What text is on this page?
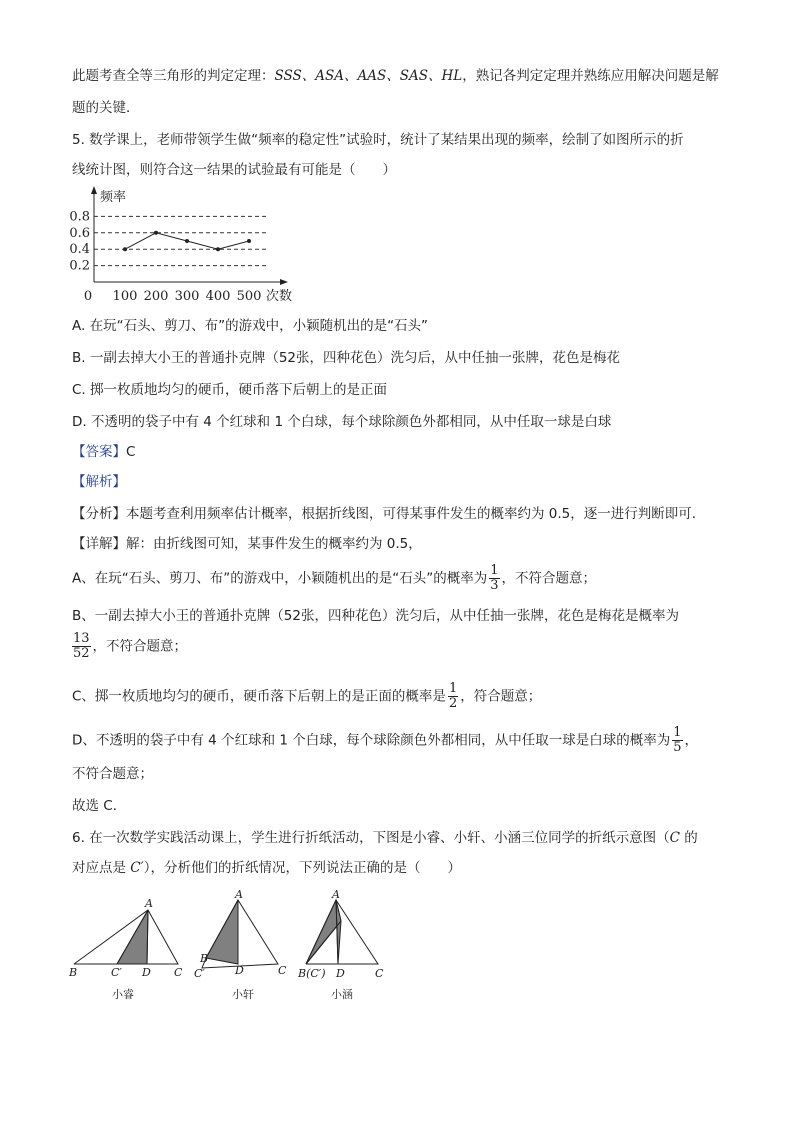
此题考查全等三角形的判定定理：SSS、ASA、AAS、SAS、HL，熟记各判定定理并熟练应用解决问题是解
题的关键．
5. 数学课上，老师带领学生做“频率的稳定性”试验时，统计了某结果出现的频率，绘制了如图所示的折
线统计图，则符合这一结果的试验最有可能是（　　）
0.8
0.6
0.4
0.2
频率
次数
0 100 200 300 400 500
A. 在玩“石头、剪刀、布”的游戏中，小颖随机出的是“石头”
B. 一副去掉大小王的普通扑克牌（52张，四种花色）洗匀后，从中任抽一张牌，花色是梅花
C. 掷一枚质地均匀的硬币，硬币落下后朝上的是正面
D. 不透明的袋子中有 4 个红球和 1 个白球，每个球除颜色外都相同，从中任取一球是白球
【答案】C
【解析】
【分析】本题考查利用频率估计概率，根据折线图，可得某事件发生的概率约为 0.5，逐一进行判断即可．
【详解】解：由折线图可知，某事件发生的概率约为 0.5，
A、在玩“石头、剪刀、布”的游戏中，小颖随机出的是“石头”的概率为 $\frac{1}{3}$ ，不符合题意；
B、一副去掉大小王的普通扑克牌（52张，四种花色）洗匀后，从中任抽一张牌，花色是梅花是概率为
$\frac{13}{52}$ ，不符合题意；
C、掷一枚质地均匀的硬币，硬币落下后朝上的是正面的概率是 $\frac{1}{2}$ ，符合题意；
D、不透明的袋子中有 4 个红球和 1 个白球，每个球除颜色外都相同，从中任取一球是白球的概率为 $\frac{1}{5}$ ，
不符合题意；
故选 C．
6. 在一次数学实践活动课上，学生进行折纸活动，下图是小睿、小轩、小涵三位同学的折纸示意图（C 的
对应点是 C′），分析他们的折纸情况，下列说法正确的是（　　）
A
B	C′ D C
小睿
A
B
C′	D	C
小轩
A
B(C′) D	C
小涵
